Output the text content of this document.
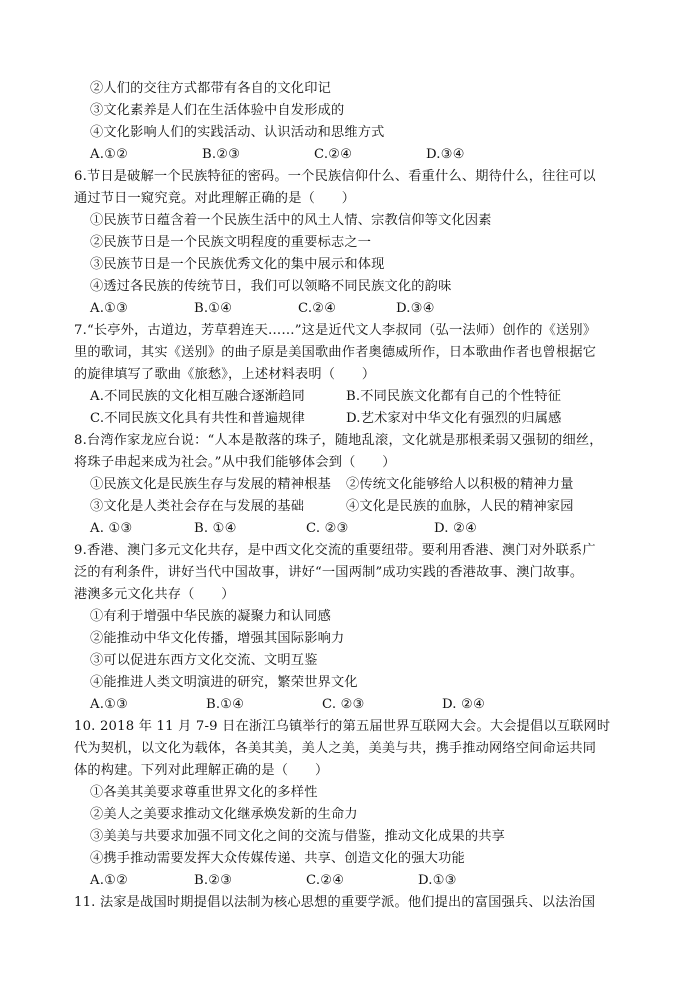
②人们的交往方式都带有各自的文化印记
③文化素养是人们在生活体验中自发形成的
④文化影响人们的实践活动、认识活动和思维方式
A.①②	B.②③	C.②④	D.③④
6.节日是破解一个民族特征的密码。一个民族信仰什么、看重什么、期待什么，往往可以
通过节日一窥究竟。对此理解正确的是（　　）
①民族节日蕴含着一个民族生活中的风土人情、宗教信仰等文化因素
②民族节日是一个民族文明程度的重要标志之一
③民族节日是一个民族优秀文化的集中展示和体现
④透过各民族的传统节日，我们可以领略不同民族文化的韵味
A.①③	B.①④	C.②④	D.③④
7.“长亭外，古道边，芳草碧连天……”这是近代文人李叔同（弘一法师）创作的《送别》
里的歌词，其实《送别》的曲子原是美国歌曲作者奥德威所作，日本歌曲作者也曾根据它
的旋律填写了歌曲《旅愁》，上述材料表明（　　）
A.不同民族的文化相互融合逐渐趋同	B.不同民族文化都有自己的个性特征
C.不同民族文化具有共性和普遍规律	D.艺术家对中华文化有强烈的归属感
8.台湾作家龙应台说：“人本是散落的珠子，随地乱滚，文化就是那根柔弱又强韧的细丝，
将珠子串起来成为社会。”从中我们能够体会到（　　）
①民族文化是民族生存与发展的精神根基 ②传统文化能够给人以积极的精神力量
③文化是人类社会存在与发展的基础	④文化是民族的血脉，人民的精神家园
A. ①③	B. ①④	C. ②③	D. ②④
9.香港、澳门多元文化共存，是中西文化交流的重要纽带。要利用香港、澳门对外联系广
泛的有利条件，讲好当代中国故事，讲好“一国两制”成功实践的香港故事、澳门故事。
港澳多元文化共存（　　）
①有利于增强中华民族的凝聚力和认同感
②能推动中华文化传播，增强其国际影响力
③可以促进东西方文化交流、文明互鉴
④能推进人类文明演进的研究，繁荣世界文化
A.①③	B.①④	C. ②③	D. ②④
10. 2018 年 11 月 7-9 日在浙江乌镇举行的第五届世界互联网大会。大会提倡以互联网时
代为契机，以文化为载体，各美其美，美人之美，美美与共，携手推动网络空间命运共同
体的构建。下列对此理解正确的是（　　）
①各美其美要求尊重世界文化的多样性
②美人之美要求推动文化继承焕发新的生命力
③美美与共要求加强不同文化之间的交流与借鉴，推动文化成果的共享
④携手推动需要发挥大众传媒传递、共享、创造文化的强大功能
A.①②	B.②③	C.②④	D.①③
11. 法家是战国时期提倡以法制为核心思想的重要学派。他们提出的富国强兵、以法治国
